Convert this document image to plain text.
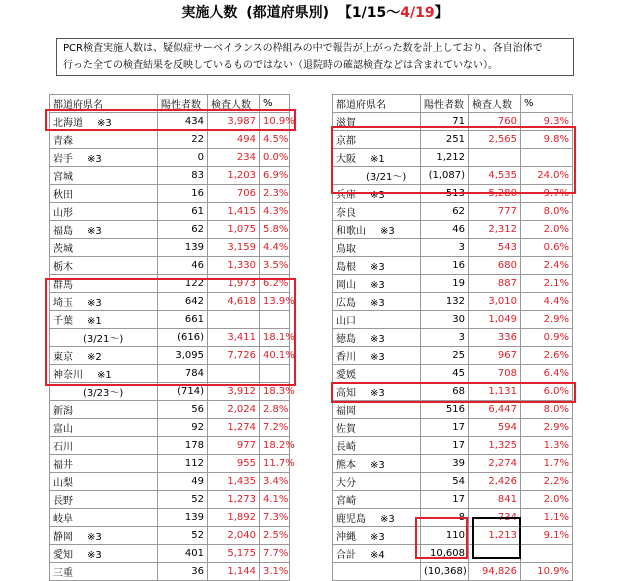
実施人数 (都道府県別) 【1/15～4/19】
PCR検査実施人数は、疑似症サーベイランスの枠組みの中で報告が上がった数を計上しており、各自治体で
行った全ての検査結果を反映しているものではない（退院時の確認検査などは含まれていない）。
都道府県名	陽性者数	検査人数	%
北海道 ※3	434	3,987	10.9%
青森	22	494	4.5%
岩手 ※3	0	234	0.0%
宮城	83	1,203	6.9%
秋田	16	706	2.3%
山形	61	1,415	4.3%
福島 ※3	62	1,075	5.8%
茨城	139	3,159	4.4%
栃木	46	1,330	3.5%
群馬	122	1,973	6.2%
埼玉 ※3	642	4,618	13.9%
千葉 ※1	661		
(3/21～)	(616)	3,411	18.1%
東京 ※2	3,095	7,726	40.1%
神奈川 ※1	784		
(3/23～)	(714)	3,912	18.3%
新潟	56	2,024	2.8%
富山	92	1,274	7.2%
石川	178	977	18.2%
福井	112	955	11.7%
山梨	49	1,435	3.4%
長野	52	1,273	4.1%
岐阜	139	1,892	7.3%
静岡 ※3	52	2,040	2.5%
愛知 ※3	401	5,175	7.7%
三重	36	1,144	3.1%
都道府県名	陽性者数	検査人数	%
滋賀	71	760	9.3%
京都	251	2,565	9.8%
大阪 ※1	1,212		
(3/21～)	(1,087)	4,535	24.0%
兵庫 ※3	513	5,280	9.7%
奈良	62	777	8.0%
和歌山 ※3	46	2,312	2.0%
鳥取	3	543	0.6%
島根 ※3	16	680	2.4%
岡山 ※3	19	887	2.1%
広島 ※3	132	3,010	4.4%
山口	30	1,049	2.9%
徳島 ※3	3	336	0.9%
香川 ※3	25	967	2.6%
愛媛	45	708	6.4%
高知 ※3	68	1,131	6.0%
福岡	516	6,447	8.0%
佐賀	17	594	2.9%
長崎	17	1,325	1.3%
熊本 ※3	39	2,274	1.7%
大分	54	2,426	2.2%
宮崎	17	841	2.0%
鹿児島 ※3	8	734	1.1%
沖縄 ※3	110	1,213	9.1%
合計 ※4	10,608		
	(10,368)	94,826	10.9%
